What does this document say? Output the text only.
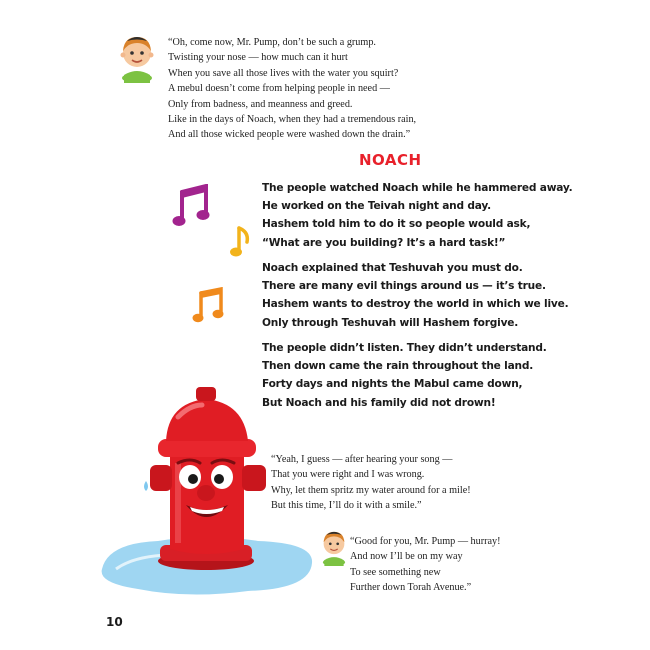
“Oh, come now, Mr. Pump, don’t be such a grump.
Twisting your nose — how much can it hurt
When you save all those lives with the water you squirt?
A mebul doesn’t come from helping people in need —
Only from badness, and meanness and greed.
Like in the days of Noach, when they had a tremendous rain,
And all those wicked people were washed down the drain.”
NOACH
The people watched Noach while he hammered away.
He worked on the Teivah night and day.
Hashem told him to do it so people would ask,
“What are you building? It’s a hard task!”
Noach explained that Teshuvah you must do.
There are many evil things around us — it’s true.
Hashem wants to destroy the world in which we live.
Only through Teshuvah will Hashem forgive.
The people didn’t listen. They didn’t understand.
Then down came the rain throughout the land.
Forty days and nights the Mabul came down,
But Noach and his family did not drown!
“Yeah, I guess — after hearing your song —
That you were right and I was wrong.
Why, let them spritz my water around for a mile!
But this time, I’ll do it with a smile.”
“Good for you, Mr. Pump — hurray!
And now I’ll be on my way
To see something new
Further down Torah Avenue.”
10
